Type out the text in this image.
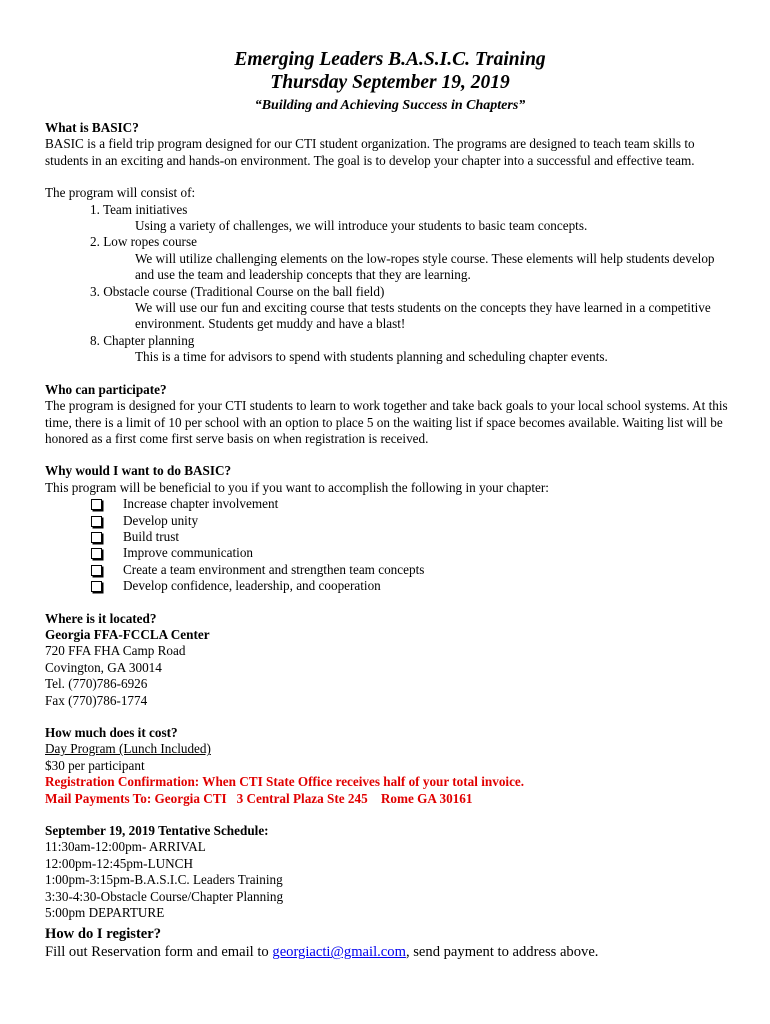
Emerging Leaders B.A.S.I.C. Training
Thursday September 19, 2019
“Building and Achieving Success in Chapters”
What is BASIC?

BASIC is a field trip program designed for our CTI student organization. The programs are designed to teach team skills to students in an exciting and hands-on environment. The goal is to develop your chapter into a successful and effective team.

The program will consist of:
1. Team initiatives
Using a variety of challenges, we will introduce your students to basic team concepts.
2. Low ropes course
We will utilize challenging elements on the low-ropes style course. These elements will help students develop and use the team and leadership concepts that they are learning.
3. Obstacle course (Traditional Course on the ball field)
We will use our fun and exciting course that tests students on the concepts they have learned in a competitive environment. Students get muddy and have a blast!
8. Chapter planning
This is a time for advisors to spend with students planning and scheduling chapter events.
Who can participate?

The program is designed for your CTI students to learn to work together and take back goals to your local school systems. At this time, there is a limit of 10 per school with an option to place 5 on the waiting list if space becomes available. Waiting list will be honored as a first come first serve basis on when registration is received.

Why would I want to do BASIC?
This program will be beneficial to you if you want to accomplish the following in your chapter:
Increase chapter involvement
Develop unity
Build trust
Improve communication
Create a team environment and strengthen team concepts
Develop confidence, leadership, and cooperation
Where is it located?
Georgia FFA-FCCLA Center
720 FFA FHA Camp Road
Covington, GA 30014
Tel. (770)786-6926
Fax (770)786-1774
How much does it cost?
Day Program (Lunch Included)
$30 per participant
Registration Confirmation: When CTI State Office receives half of your total invoice.
Mail Payments To: Georgia CTI   3 Central Plaza Ste 245    Rome GA 30161
September 19, 2019 Tentative Schedule:
11:30am-12:00pm- ARRIVAL
12:00pm-12:45pm-LUNCH
1:00pm-3:15pm-B.A.S.I.C. Leaders Training
3:30-4:30-Obstacle Course/Chapter Planning
5:00pm DEPARTURE
How do I register?
Fill out Reservation form and email to georgiacti@gmail.com, send payment to address above.
